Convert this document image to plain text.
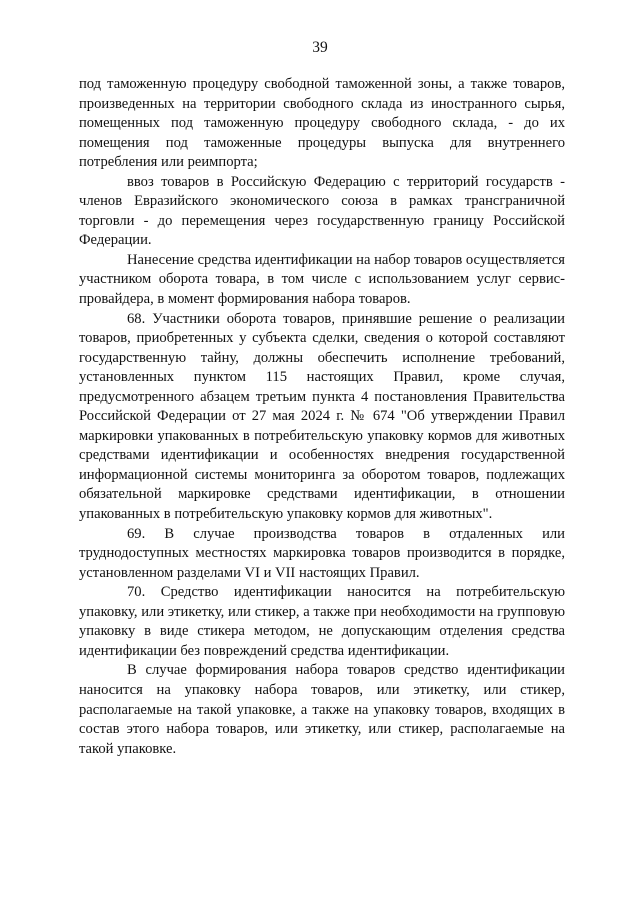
39

под таможенную процедуру свободной таможенной зоны, а также товаров, произведенных на территории свободного склада из иностранного сырья, помещенных под таможенную процедуру свободного склада, - до их помещения под таможенные процедуры выпуска для внутреннего потребления или реимпорта;

ввоз товаров в Российскую Федерацию с территорий государств - членов Евразийского экономического союза в рамках трансграничной торговли - до перемещения через государственную границу Российской Федерации.

Нанесение средства идентификации на набор товаров осуществляется участником оборота товара, в том числе с использованием услуг сервис-провайдера, в момент формирования набора товаров.

68. Участники оборота товаров, принявшие решение о реализации товаров, приобретенных у субъекта сделки, сведения о которой составляют государственную тайну, должны обеспечить исполнение требований, установленных пунктом 115 настоящих Правил, кроме случая, предусмотренного абзацем третьим пункта 4 постановления Правительства Российской Федерации от 27 мая 2024 г. № 674 "Об утверждении Правил маркировки упакованных в потребительскую упаковку кормов для животных средствами идентификации и особенностях внедрения государственной информационной системы мониторинга за оборотом товаров, подлежащих обязательной маркировке средствами идентификации, в отношении упакованных в потребительскую упаковку кормов для животных".

69. В случае производства товаров в отдаленных или труднодоступных местностях маркировка товаров производится в порядке, установленном разделами VI и VII настоящих Правил.

70. Средство идентификации наносится на потребительскую упаковку, или этикетку, или стикер, а также при необходимости на групповую упаковку в виде стикера методом, не допускающим отделения средства идентификации без повреждений средства идентификации.

В случае формирования набора товаров средство идентификации наносится на упаковку набора товаров, или этикетку, или стикер, располагаемые на такой упаковке, а также на упаковку товаров, входящих в состав этого набора товаров, или этикетку, или стикер, располагаемые на такой упаковке.
